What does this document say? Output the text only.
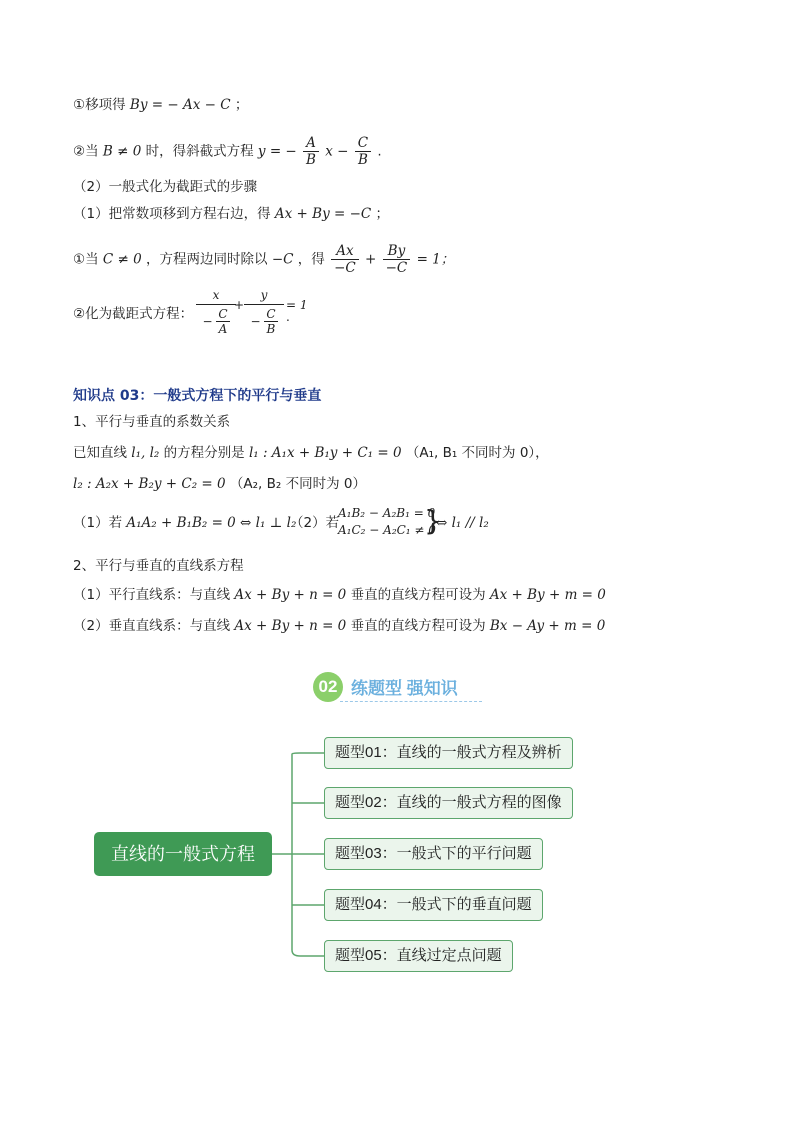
①移项得 By = − Ax − C ；
②当 B ≠ 0 时，得斜截式方程 y = − $\frac{A}{B}$ $x - \frac{C}{B}$ .
（2）一般式化为截距式的步骤
（1）把常数项移到方程右边，得 Ax + By = −C ；
①当 C ≠ 0 ，方程两边同时除以 −C ，得 $\frac{Ax}{-C} + \frac{By}{-C} = 1$；
②化为截距式方程：
x
− $\frac{C}{A}$
+
y
− $\frac{C}{B}$
= 1
.
知识点 03：一般式方程下的平行与垂直
1、平行与垂直的系数关系
已知直线 l₁, l₂ 的方程分别是 l₁ : A₁x + B₁y + C₁ = 0 （A₁, B₁ 不同时为 0），
l₂ : A₂x + B₂y + C₂ = 0 （A₂, B₂ 不同时为 0）
（1）若 A₁A₂ + B₁B₂ = 0 ⇔ l₁ ⊥ l₂
（2）若
A₁B₂ − A₂B₁ = 0
A₁C₂ − A₂C₁ ≠ 0
}
⇔ l₁ // l₂
2、平行与垂直的直线系方程
（1）平行直线系：与直线 Ax + By + n = 0 垂直的直线方程可设为 Ax + By + m = 0
（2）垂直直线系：与直线 Ax + By + n = 0 垂直的直线方程可设为 Bx − Ay + m = 0
02 练题型 强知识
直线的一般式方程
题型01：直线的一般式方程及辨析
题型02：直线的一般式方程的图像
题型03：一般式下的平行问题
题型04：一般式下的垂直问题
题型05：直线过定点问题
